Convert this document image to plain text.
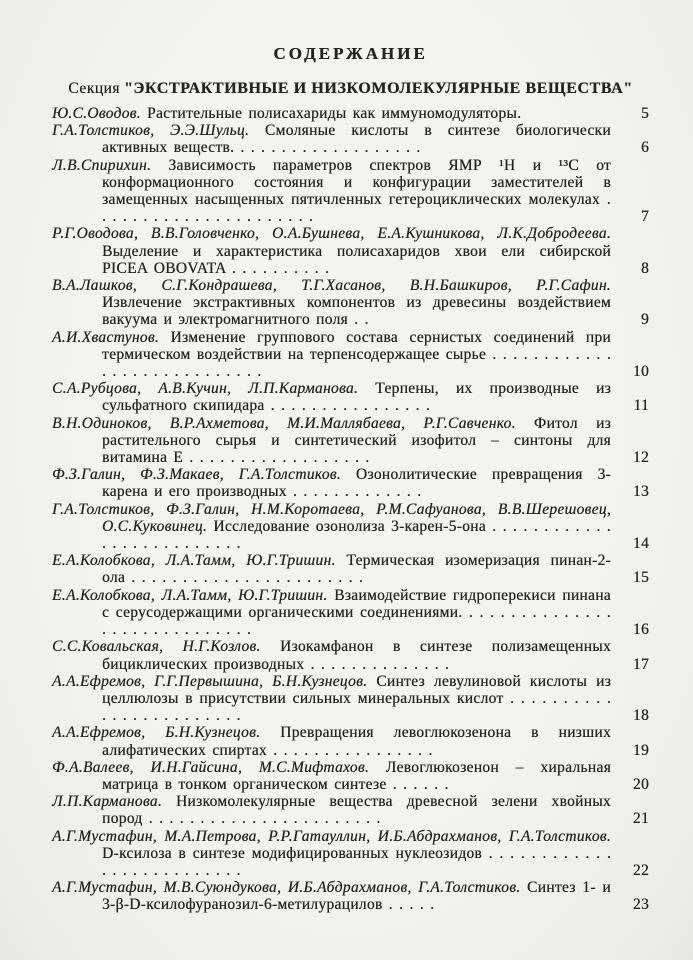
СОДЕРЖАНИЕ
Секция "ЭКСТРАКТИВНЫЕ И НИЗКОМОЛЕКУЛЯРНЫЕ ВЕЩЕСТВА"
Ю.С.Оводов. Растительные полисахариды как иммуномодуляторы.	5
Г.А.Толстиков, Э.Э.Шульц. Смоляные кислоты в синтезе биологически активных веществ. . . . . . . . . . . . . . . . . . .	6
Л.В.Спирихин. Зависимость параметров спектров ЯМР ¹Н и ¹³С от конформационного состояния и конфигурации заместителей в замещенных насыщенных пятичленных гетероциклических молекулах . . . . . . . . . . . . . . . . . . . . . .	7
Р.Г.Оводова, В.В.Головченко, О.А.Бушнева, Е.А.Кушникова, Л.К.Добродеева. Выделение и характеристика полисахаридов хвои ели сибирской PICEA OBOVATA . . . . . . . . . .	8
В.А.Лашков, С.Г.Кондрашева, Т.Г.Хасанов, В.Н.Башкиров, Р.Г.Сафин. Извлечение экстрактивных компонентов из древесины воздействием вакуума и электромагнитного поля . .	9
А.И.Хвастунов. Изменение группового состава сернистых соединений при термическом воздействии на терпенсодержащее сырье . . . . . . . . . . . . . . . . . . . . . . . . . . . .	10
С.А.Рубцова, А.В.Кучин, Л.П.Карманова. Терпены, их производные из сульфатного скипидара . . . . . . . . . . . . . . . .	11
В.Н.Одиноков, В.Р.Ахметова, М.И.Маллябаева, Р.Г.Савченко. Фитол из растительного сырья и синтетический изофитол – синтоны для витамина Е . . . . . . . . . . . . . . . . . .	12
Ф.З.Галин, Ф.З.Макаев, Г.А.Толстиков. Озонолитические превращения 3-карена и его производных . . . . . . . . . . . . .	13
Г.А.Толстиков, Ф.З.Галин, Н.М.Коротаева, Р.М.Сафуанова, В.В.Шерешовец, О.С.Куковинец. Исследование озонолиза 3-карен-5-она . . . . . . . . . . . . . . . . . . . . . . . . . .	14
Е.А.Колобкова, Л.А.Тамм, Ю.Г.Тришин. Термическая изомеризация пинан-2-ола . . . . . . . . . . . . . . . . . . . . . . .	15
Е.А.Колобкова, Л.А.Тамм, Ю.Г.Тришин. Взаимодействие гидроперекиси пинана с серусодержащими органическими соединениями. . . . . . . . . . . . . . . . . . . . . . . . . . . . . .	16
С.С.Ковальская, Н.Г.Козлов. Изокамфанон в синтезе полизамещенных бициклических производных . . . . . . . . . . . . . .	17
А.А.Ефремов, Г.Г.Первышина, Б.Н.Кузнецов. Синтез левулиновой кислоты из целлюлозы в присутствии сильных минеральных кислот . . . . . . . . . . . . . . . . . . . . . . . .	18
А.А.Ефремов, Б.Н.Кузнецов. Превращения левоглюкозенона в низших алифатических спиртах . . . . . . . . . . . . . . . .	19
Ф.А.Валеев, И.Н.Гайсина, М.С.Мифтахов. Левоглюкозенон – хиральная матрица в тонком органическом синтезе . . . . . .	20
Л.П.Карманова. Низкомолекулярные вещества древесной зелени хвойных пород . . . . . . . . . . . . . . . . . . . . . . .	21
А.Г.Мустафин, М.А.Петрова, Р.Р.Гатауллин, И.Б.Абдрахманов, Г.А.Толстиков. D-ксилоза в синтезе модифицированных нуклеозидов . . . . . . . . . . . . . . . . . . . . . . . . . .	22
А.Г.Мустафин, М.В.Суюндукова, И.Б.Абдрахманов, Г.А.Толстиков. Синтез 1- и 3-β-D-ксилофуранозил-6-метилурацилов . . . . .	23
